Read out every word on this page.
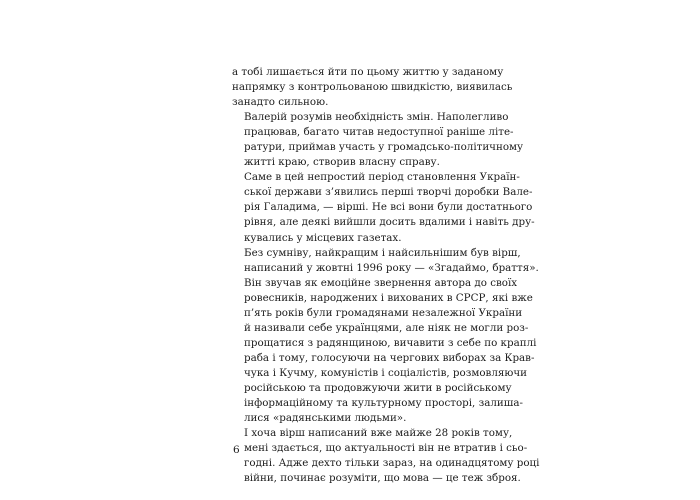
а тобі лишається йти по цьому життю у заданому
напрямку з контрольованою швидкістю, виявилась
занадто сильною.

Валерій розумів необхідність змін. Наполегливо
працював, багато читав недоступної раніше літе-
ратури, приймав участь у громадсько-політичному
житті краю, створив власну справу.

Саме в цей непростий період становлення Україн-
ської держави з’явились перші творчі доробки Вале-
рія Галадима, — вірші. Не всі вони були достатнього
рівня, але деякі вийшли досить вдалими і навіть дру-
кувались у місцевих газетах.

Без сумніву, найкращим і найсильнішим був вірш,
написаний у жовтні 1996 року — «Згадаймо, браття».
Він звучав як емоційне звернення автора до своїх
ровесників, народжених і вихованих в СРСР, які вже
п’ять років були громадянами незалежної України
й називали себе українцями, але ніяк не могли роз-
прощатися з радянщиною, вичавити з себе по краплі
раба і тому, голосуючи на чергових виборах за Крав-
чука і Кучму, комуністів і соціалістів, розмовляючи
російською та продовжуючи жити в російському
інформаційному та культурному просторі, залиша-
лися «радянськими людьми».

І хоча вірш написаний вже майже 28 років тому,
мені здається, що актуальності він не втратив і сьо-
годні. Адже дехто тільки зараз, на одинадцятому році
війни, починає розуміти, що мова — це теж зброя.

6
